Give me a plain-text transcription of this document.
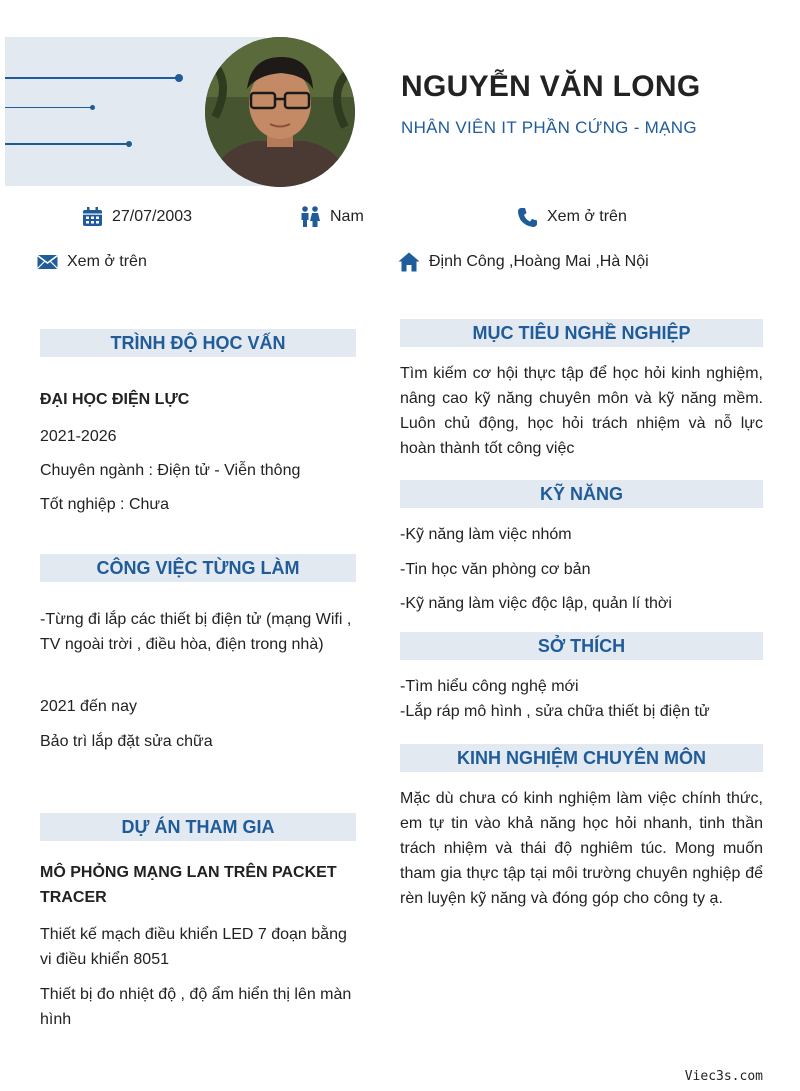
NGUYỄN VĂN LONG
NHÂN VIÊN IT PHẦN CỨNG - MẠNG
27/07/2003	Nam	Xem ở trên
Xem ở trên	Định Công ,Hoàng Mai ,Hà Nội
TRÌNH ĐỘ HỌC VẤN
ĐẠI HỌC ĐIỆN LỰC
2021-2026
Chuyên ngành : Điện tử - Viễn thông
Tốt nghiệp : Chưa
CÔNG VIỆC TỪNG LÀM
-Từng đi lắp các thiết bị điện tử (mạng Wifi , TV ngoài trời , điều hòa, điện trong nhà)
2021 đến nay
Bảo trì lắp đặt sửa chữa
DỰ ÁN THAM GIA
MÔ PHỎNG MẠNG LAN TRÊN PACKET TRACER
Thiết kế mạch điều khiển LED 7 đoạn bằng vi điều khiển 8051
Thiết bị đo nhiệt độ , độ ẩm hiển thị lên màn hình
MỤC TIÊU NGHỀ NGHIỆP
Tìm kiếm cơ hội thực tập để học hỏi kinh nghiệm, nâng cao kỹ năng chuyên môn và kỹ năng mềm. Luôn chủ động, học hỏi trách nhiệm và nỗ lực hoàn thành tốt công việc
KỸ NĂNG
-Kỹ năng làm việc nhóm
-Tin học văn phòng cơ bản
-Kỹ năng làm việc độc lập, quản lí thời
SỞ THÍCH
-Tìm hiểu công nghệ mới
-Lắp ráp mô hình , sửa chữa thiết bị điện tử
KINH NGHIỆM CHUYÊN MÔN
Mặc dù chưa có kinh nghiệm làm việc chính thức, em tự tin vào khả năng học hỏi nhanh, tinh thần trách nhiệm và thái độ nghiêm túc. Mong muốn tham gia thực tập tại môi trường chuyên nghiệp để rèn luyện kỹ năng và đóng góp cho công ty ạ.
Viec3s.com
